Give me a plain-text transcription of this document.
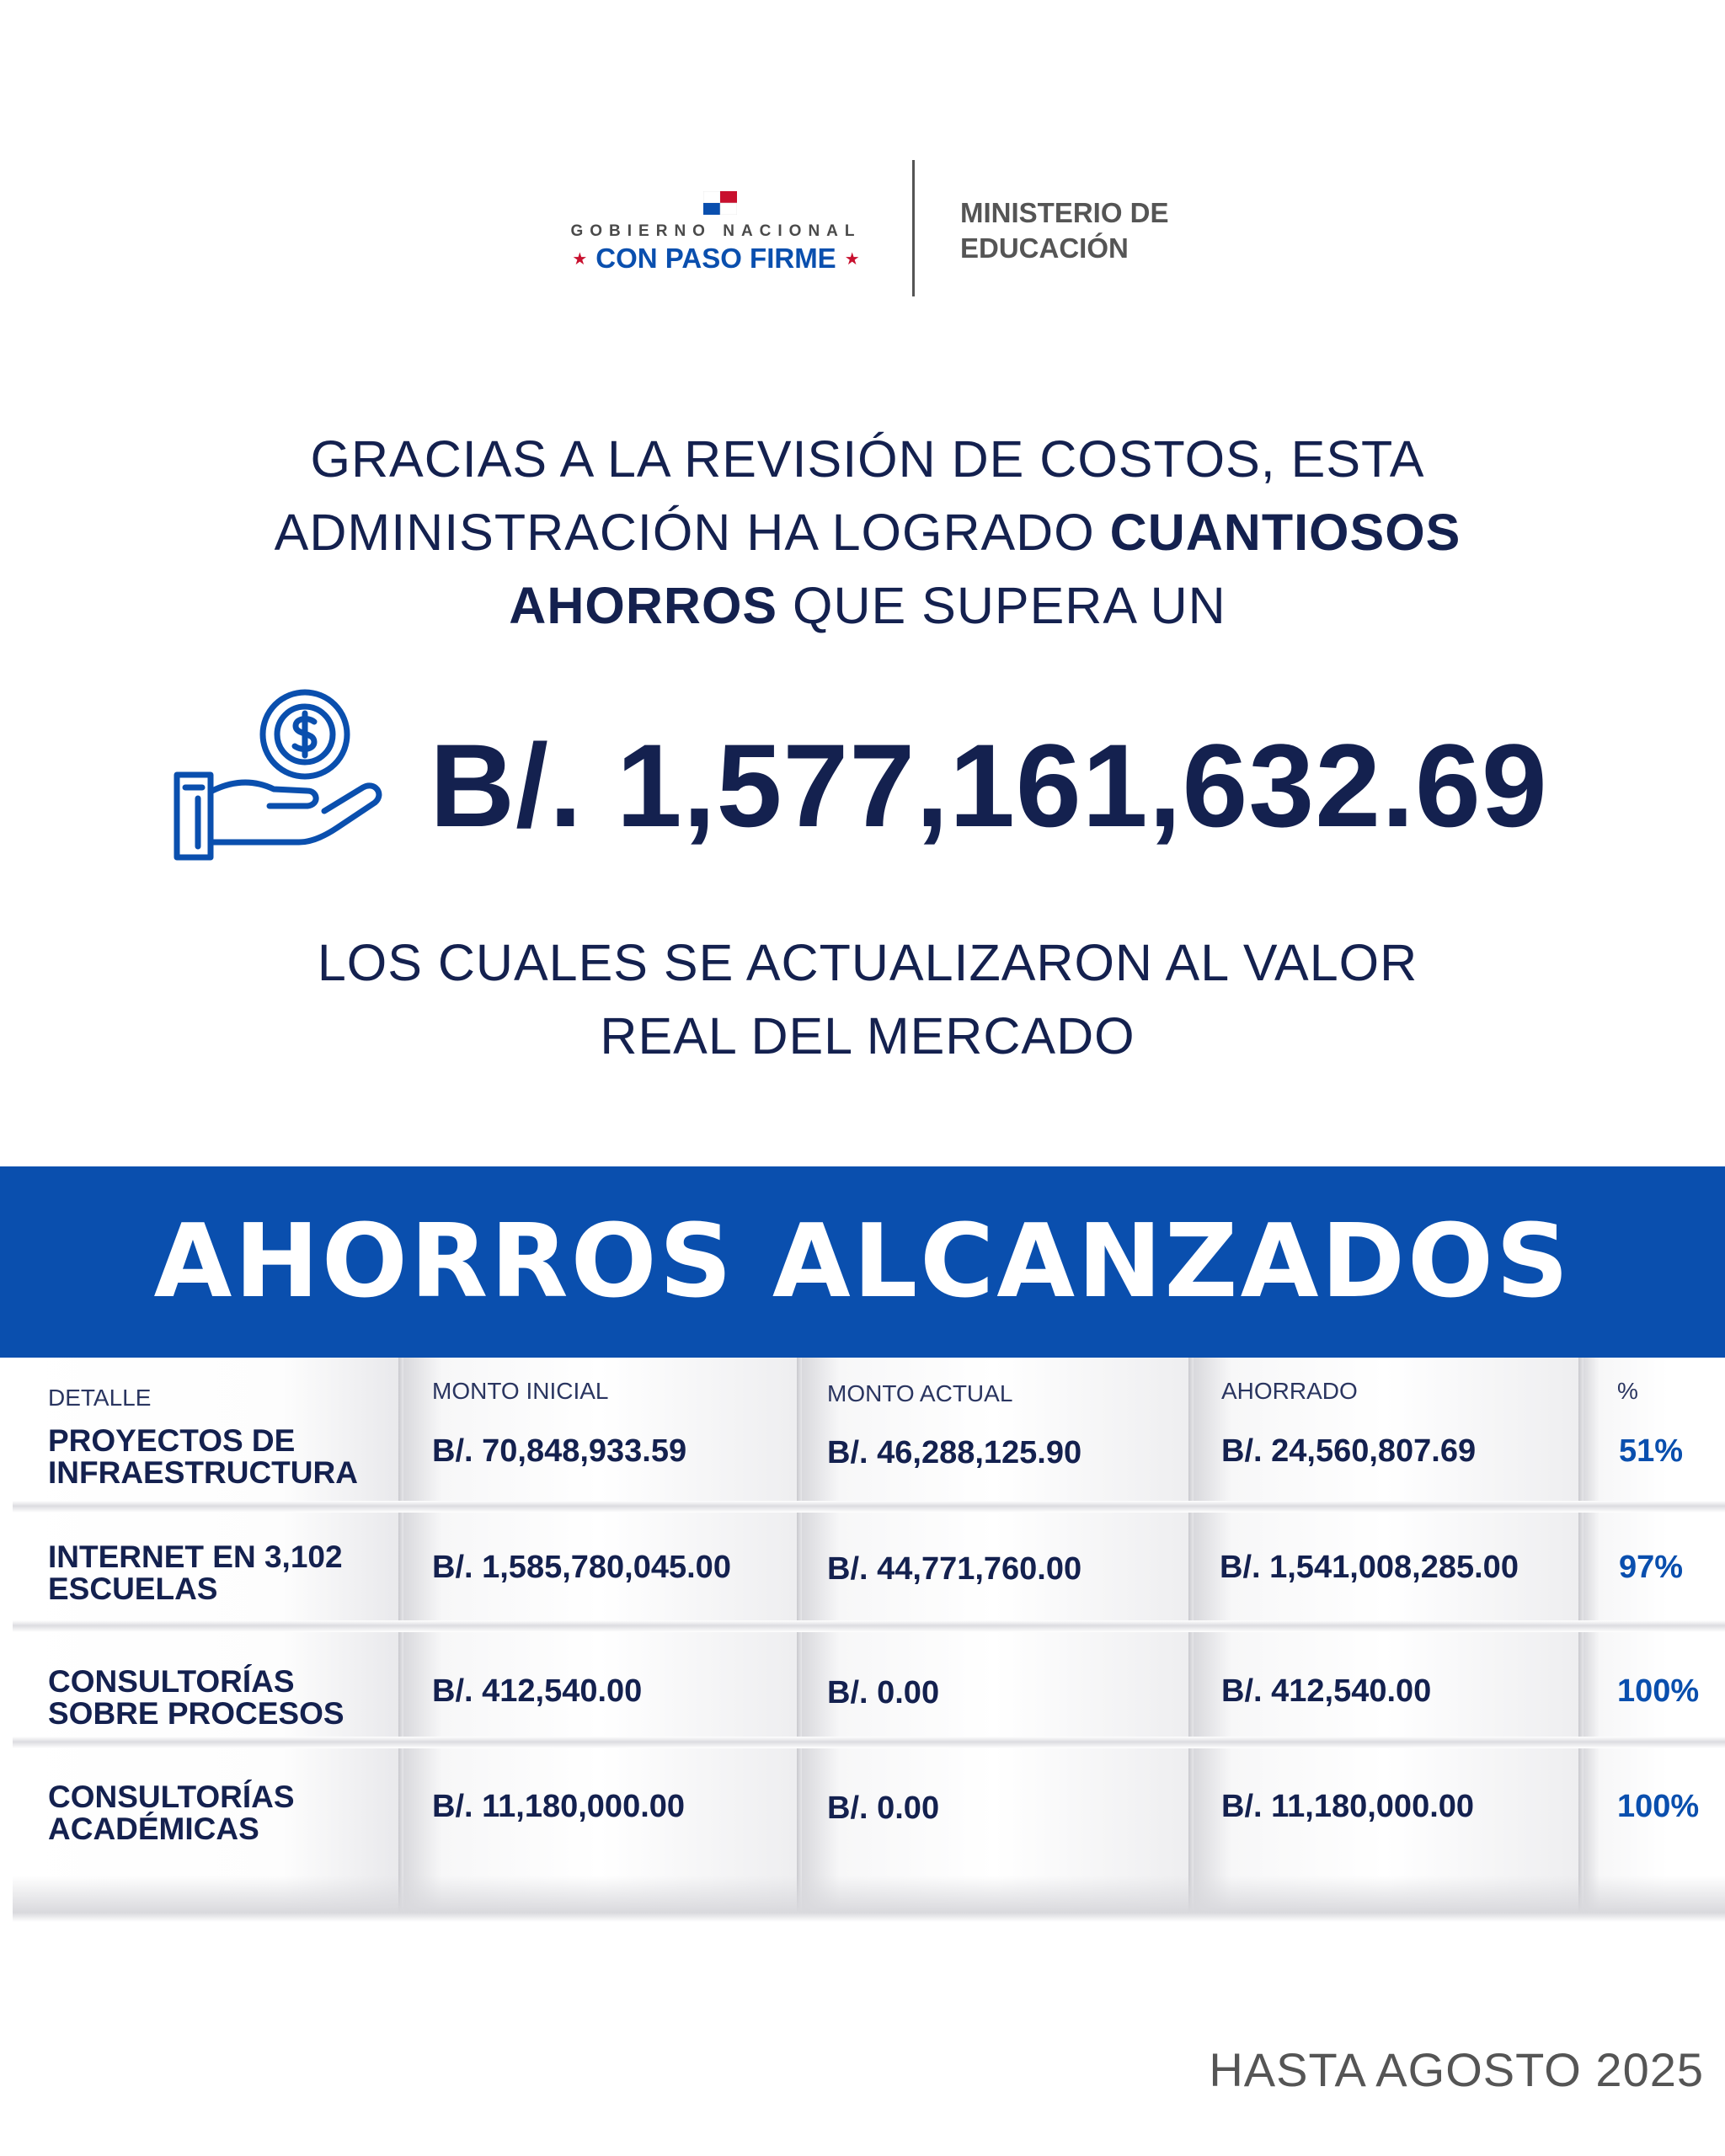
GOBIERNO NACIONAL
★ CON PASO FIRME ★
MINISTERIO DE
EDUCACIÓN
GRACIAS A LA REVISIÓN DE COSTOS, ESTA
ADMINISTRACIÓN HA LOGRADO CUANTIOSOS
AHORROS QUE SUPERA UN
B/. 1,577,161,632.69
LOS CUALES SE ACTUALIZARON AL VALOR
REAL DEL MERCADO
AHORROS ALCANZADOS
DETALLE	MONTO INICIAL	MONTO ACTUAL	AHORRADO	%
PROYECTOS DE
INFRAESTRUCTURA
B/. 70,848,933.59	B/. 46,288,125.90	B/. 24,560,807.69	51%
INTERNET EN 3,102
ESCUELAS
B/. 1,585,780,045.00	B/. 44,771,760.00	B/. 1,541,008,285.00	97%
CONSULTORÍAS
SOBRE PROCESOS
B/. 412,540.00	B/. 0.00	B/. 412,540.00	100%
CONSULTORÍAS
ACADÉMICAS
B/. 11,180,000.00	B/. 0.00	B/. 11,180,000.00	100%
HASTA AGOSTO 2025
